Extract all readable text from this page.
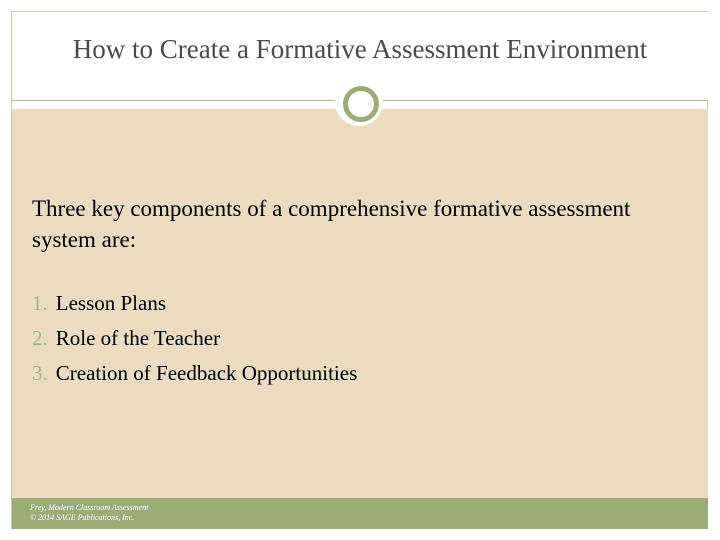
How to Create a Formative Assessment Environment
Three key components of a comprehensive formative assessment system are:
1. Lesson Plans
2. Role of the Teacher
3. Creation of Feedback Opportunities
Frey, Modern Classroom Assessment
© 2014 SAGE Publications, Inc.
